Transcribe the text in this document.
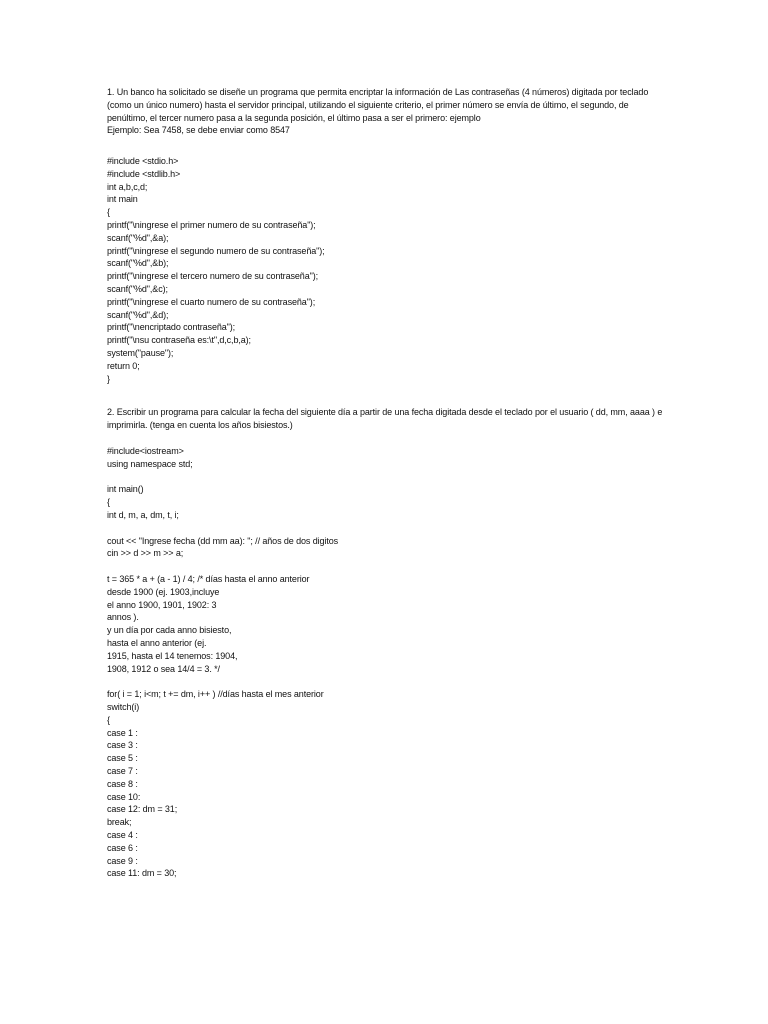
1. Un banco ha solicitado se diseñe un programa que permita encriptar la información de Las contraseñas (4 números) digitada por teclado
(como un único numero) hasta el servidor principal, utilizando el siguiente criterio, el primer número se envía de último, el segundo, de
penúltimo, el tercer numero pasa a la segunda posición, el último pasa a ser el primero: ejemplo
Ejemplo: Sea 7458, se debe enviar como 8547
#include <stdio.h>
#include <stdlib.h>
int a,b,c,d;
int main
{
printf("\ningrese el primer numero de su contraseña");
scanf("%d",&a);
printf("\ningrese el segundo numero de su contraseña");
scanf("%d",&b);
printf("\ningrese el tercero numero de su contraseña");
scanf("%d",&c);
printf("\ningrese el cuarto numero de su contraseña");
scanf("%d",&d);
printf("\nencriptado contraseña");
printf("\nsu contraseña es:\t",d,c,b,a);
system("pause");
return 0;
}
2. Escribir un programa para calcular la fecha del siguiente día a partir de una fecha digitada desde el teclado por el usuario ( dd, mm, aaaa ) e
imprimirla. (tenga en cuenta los años bisiestos.)
#include<iostream>
using namespace std;
int main()
{
int d, m, a, dm, t, i;
cout << "Ingrese fecha (dd mm aa): "; // años de dos digitos
cin >> d >> m >> a;
t = 365 * a + (a - 1) / 4; /* días hasta el anno anterior
desde 1900 (ej. 1903,incluye
el anno 1900, 1901, 1902: 3
annos ).
y un día por cada anno bisiesto,
hasta el anno anterior (ej.
1915, hasta el 14 tenemos: 1904,
1908, 1912 o sea 14/4 = 3. */
for( i = 1; i<m; t += dm, i++ ) //días hasta el mes anterior
switch(i)
{
case 1 :
case 3 :
case 5 :
case 7 :
case 8 :
case 10:
case 12: dm = 31;
break;
case 4 :
case 6 :
case 9 :
case 11: dm = 30;
